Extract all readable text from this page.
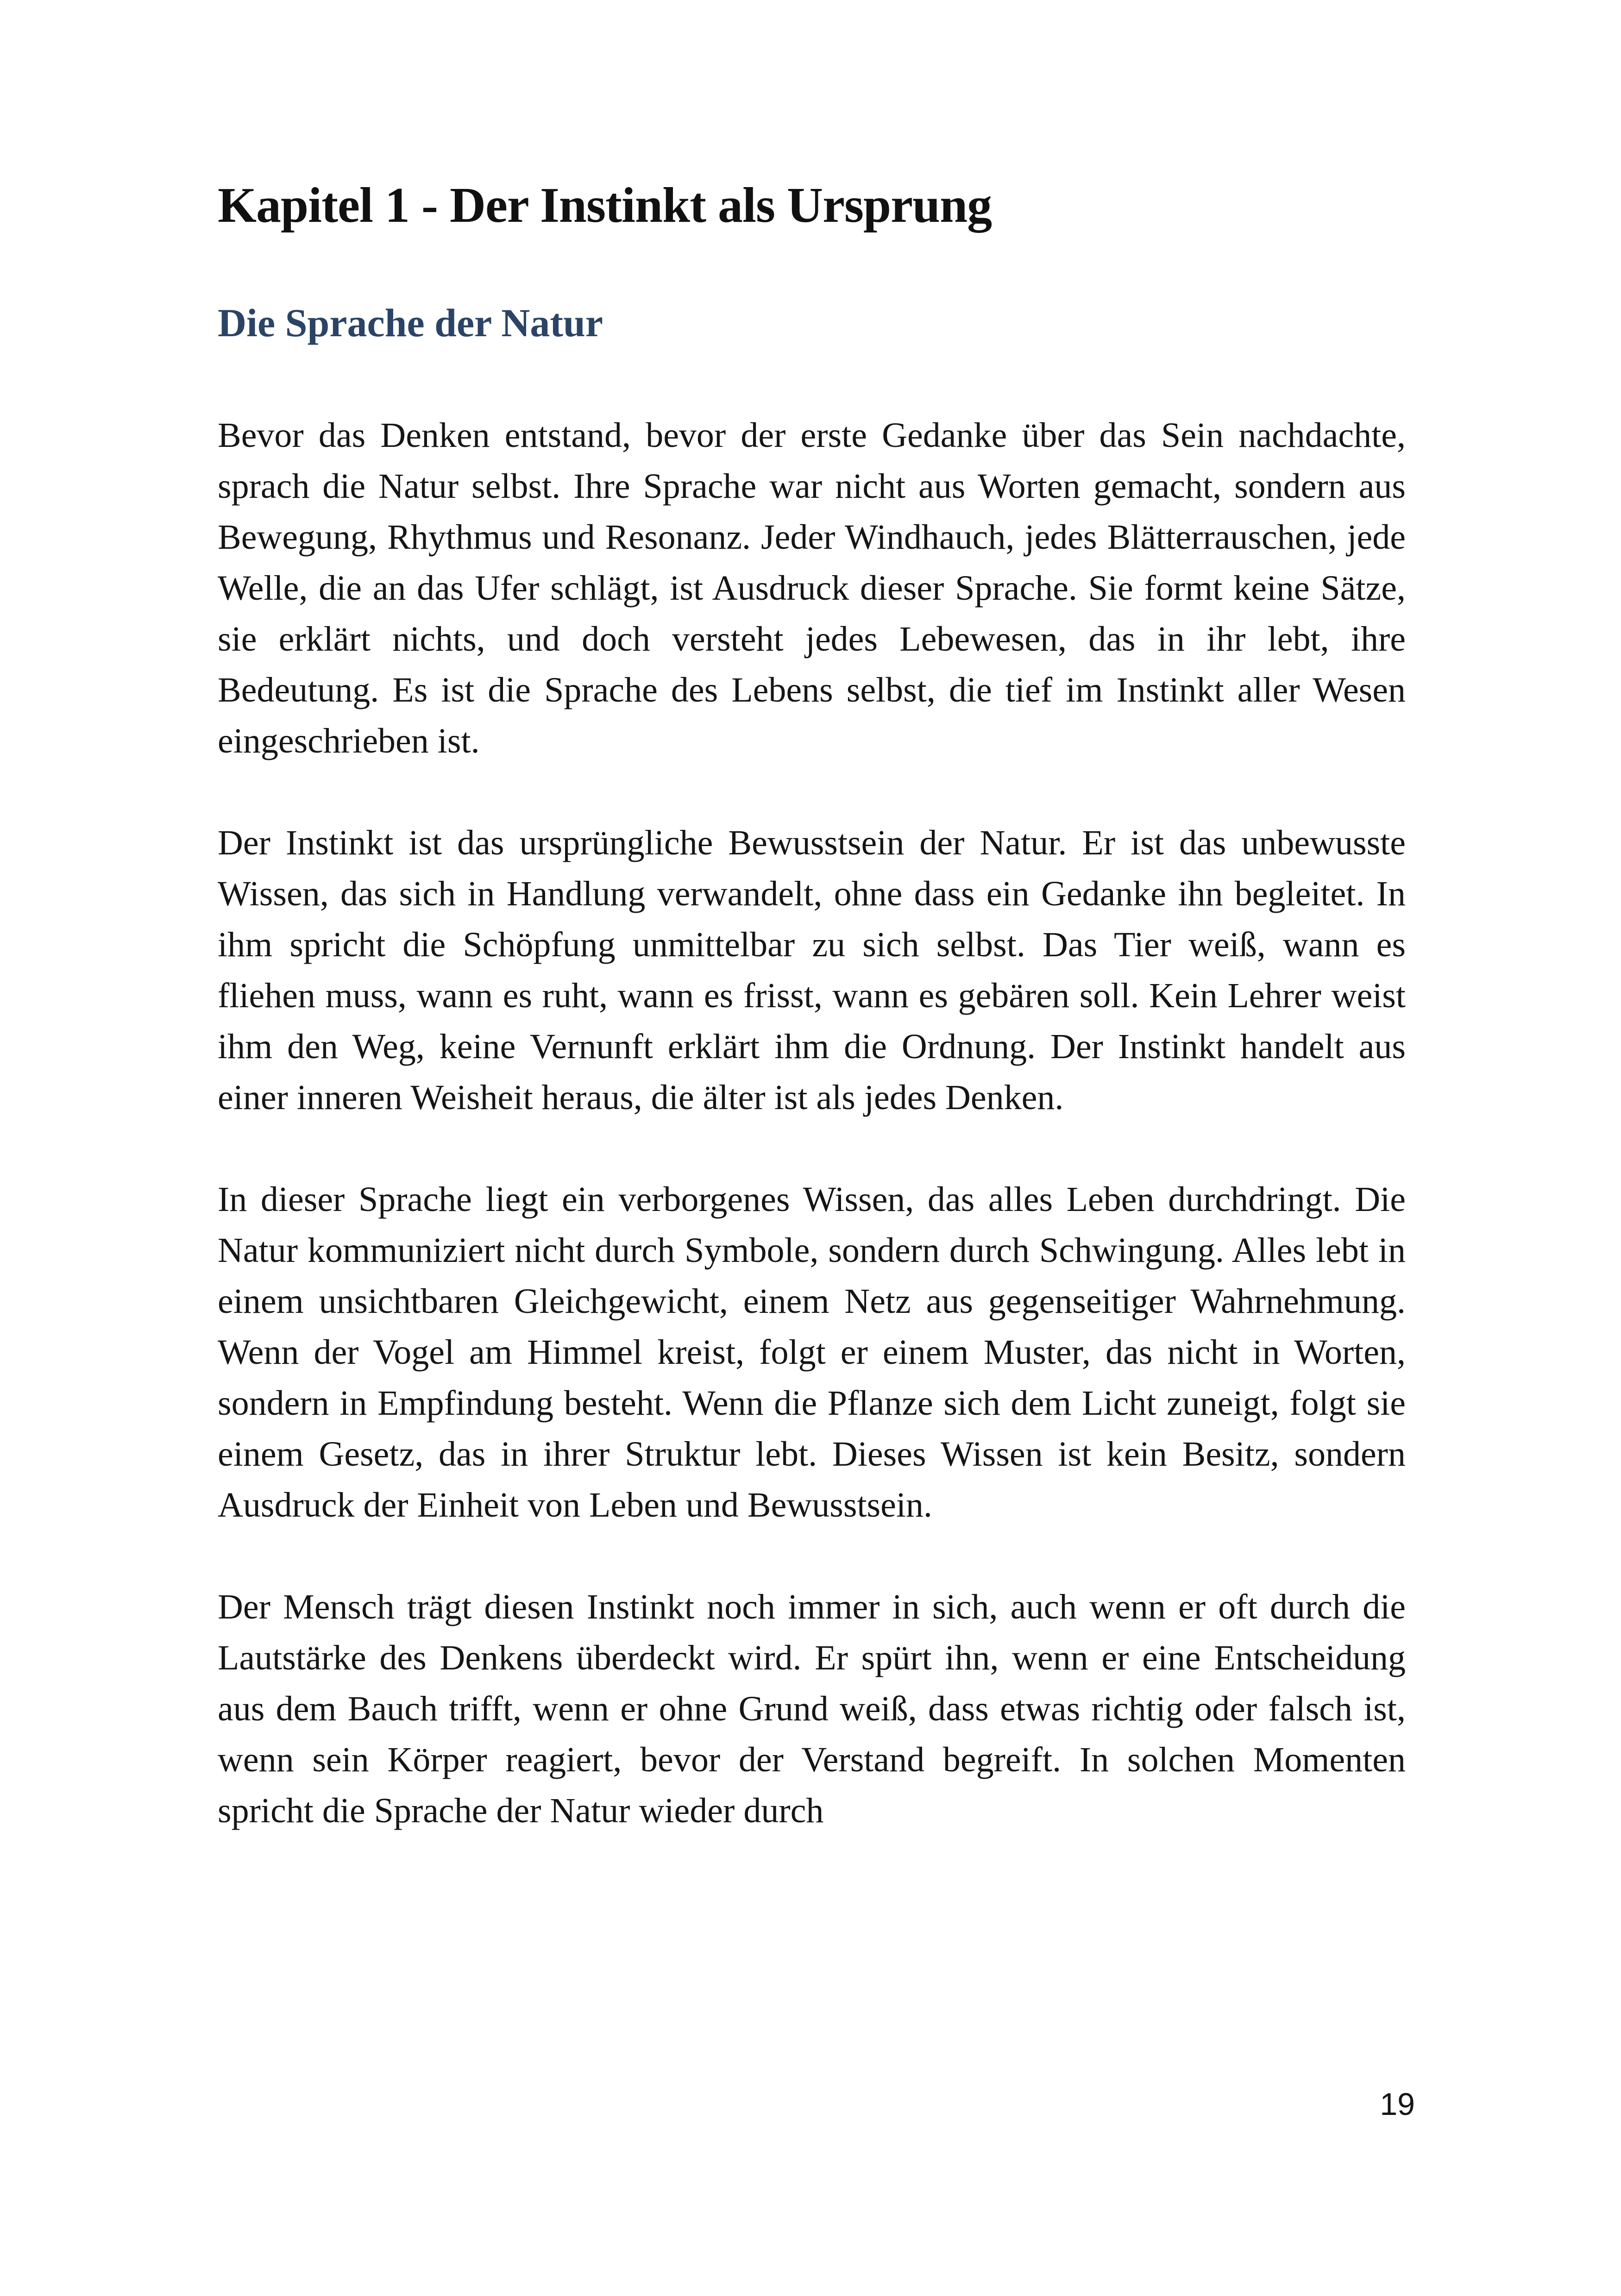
Kapitel 1 - Der Instinkt als Ursprung
Die Sprache der Natur

Bevor das Denken entstand, bevor der erste Gedanke über das Sein nachdachte, sprach die Natur selbst. Ihre Sprache war nicht aus Worten gemacht, sondern aus Bewegung, Rhythmus und Resonanz. Jeder Windhauch, jedes Blätterrauschen, jede Welle, die an das Ufer schlägt, ist Ausdruck dieser Sprache. Sie formt keine Sätze, sie erklärt nichts, und doch versteht jedes Lebewesen, das in ihr lebt, ihre Bedeutung. Es ist die Sprache des Lebens selbst, die tief im Instinkt aller Wesen eingeschrieben ist.

Der Instinkt ist das ursprüngliche Bewusstsein der Natur. Er ist das unbewusste Wissen, das sich in Handlung verwandelt, ohne dass ein Gedanke ihn begleitet. In ihm spricht die Schöpfung unmittelbar zu sich selbst. Das Tier weiß, wann es fliehen muss, wann es ruht, wann es frisst, wann es gebären soll. Kein Lehrer weist ihm den Weg, keine Vernunft erklärt ihm die Ordnung. Der Instinkt handelt aus einer inneren Weisheit heraus, die älter ist als jedes Denken.

In dieser Sprache liegt ein verborgenes Wissen, das alles Leben durchdringt. Die Natur kommuniziert nicht durch Symbole, sondern durch Schwingung. Alles lebt in einem unsichtbaren Gleichgewicht, einem Netz aus gegenseitiger Wahrnehmung. Wenn der Vogel am Himmel kreist, folgt er einem Muster, das nicht in Worten, sondern in Empfindung besteht. Wenn die Pflanze sich dem Licht zuneigt, folgt sie einem Gesetz, das in ihrer Struktur lebt. Dieses Wissen ist kein Besitz, sondern Ausdruck der Einheit von Leben und Bewusstsein.

Der Mensch trägt diesen Instinkt noch immer in sich, auch wenn er oft durch die Lautstärke des Denkens überdeckt wird. Er spürt ihn, wenn er eine Entscheidung aus dem Bauch trifft, wenn er ohne Grund weiß, dass etwas richtig oder falsch ist, wenn sein Körper reagiert, bevor der Verstand begreift. In solchen Momenten spricht die Sprache der Natur wieder durch

19
